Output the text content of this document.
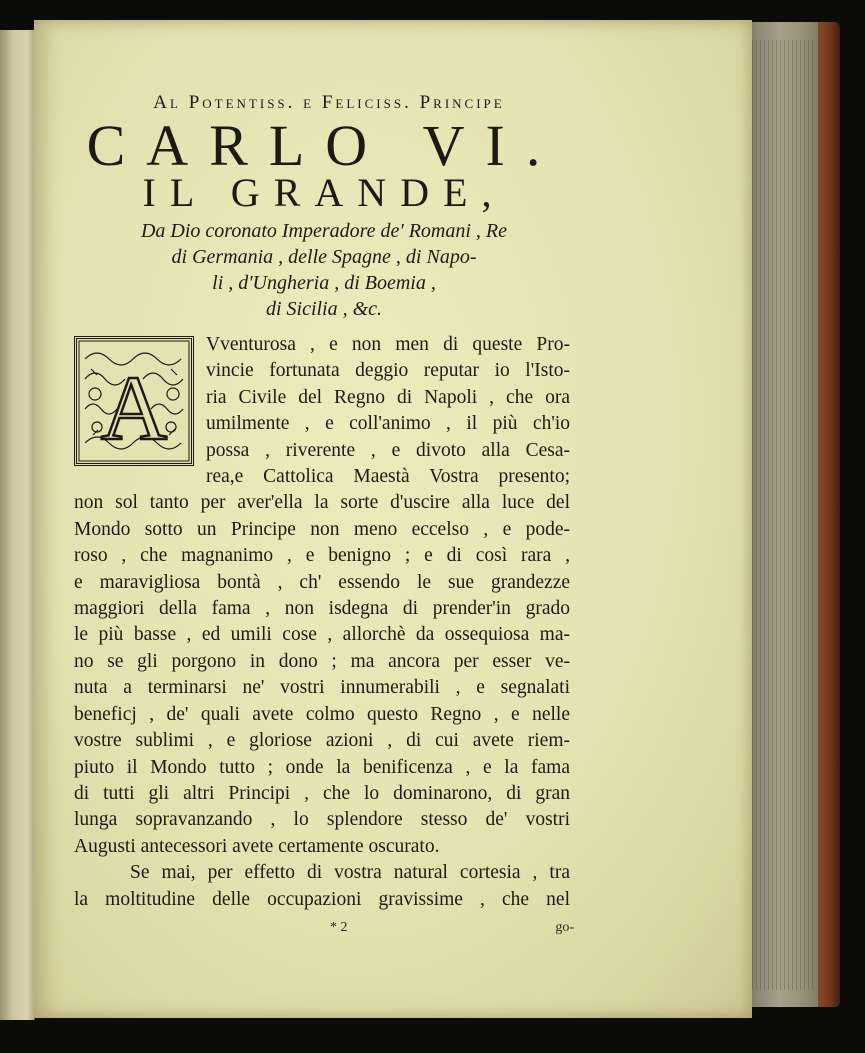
Al Potentiss. e Feliciss. Principe
CARLO VI.
IL GRANDE,
Da Dio coronato Imperadore de' Romani , Re
di Germania , delle Spagne , di Napo-
li , d'Ungheria , di Boemia ,
di Sicilia , &c.
A
Vventurosa , e non men di queste Pro-
vincie fortunata deggio reputar io l'Isto-
ria Civile del Regno di Napoli , che ora
umilmente , e coll'animo , il più ch'io
possa , riverente , e divoto alla Cesa-
rea,e Cattolica Maestà Vostra presento;
non sol tanto per aver'ella la sorte d'uscire alla luce del
Mondo sotto un Principe non meno eccelso , e pode-
roso , che magnanimo , e benigno ; e di così rara ,
e maravigliosa bontà , ch' essendo le sue grandezze
maggiori della fama , non isdegna di prender'in grado
le più basse , ed umili cose , allorchè da ossequiosa ma-
no se gli porgono in dono ; ma ancora per esser ve-
nuta a terminarsi ne' vostri innumerabili , e segnalati
beneficj , de' quali avete colmo questo Regno , e nelle
vostre sublimi , e gloriose azioni , di cui avete riem-
piuto il Mondo tutto ; onde la benificenza , e la fama
di tutti gli altri Principi , che lo dominarono, di gran
lunga sopravanzando , lo splendore stesso de' vostri
Augusti antecessori avete certamente oscurato.
Se mai, per effetto di vostra natural cortesia , tra
la moltitudine delle occupazioni gravissime , che nel
* 2	go-
